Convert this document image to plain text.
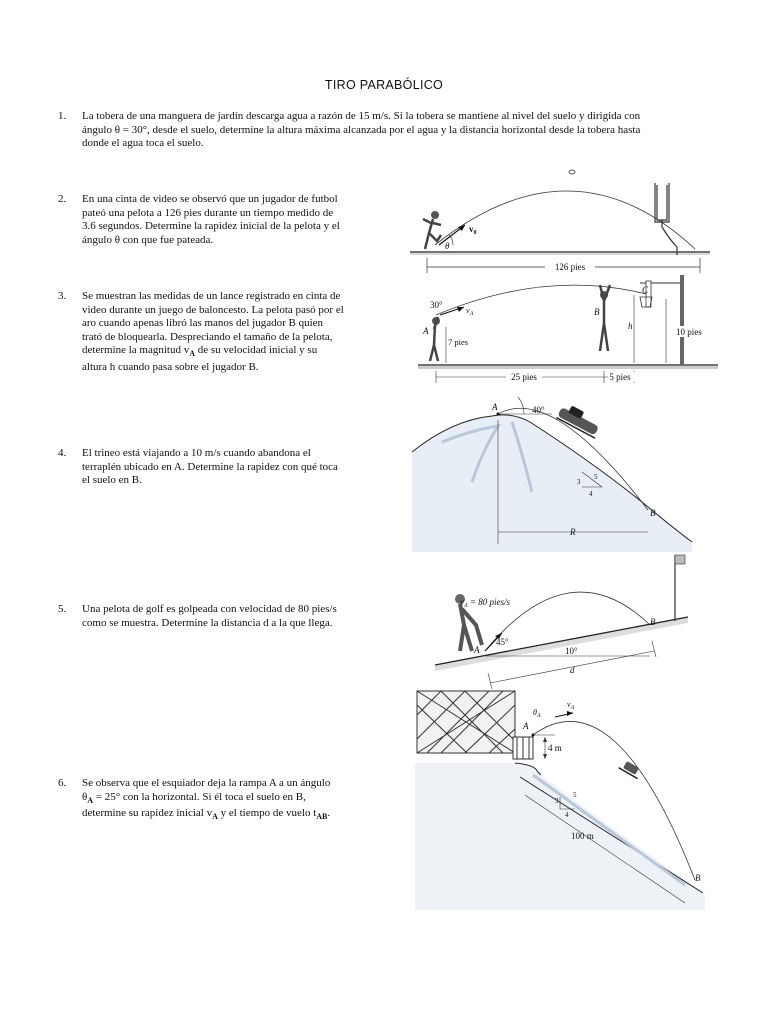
TIRO PARABÓLICO
1. La tobera de una manguera de jardín descarga agua a razón de 15 m/s. Si la tobera se mantiene al nivel del suelo y dirigida con
ángulo θ = 30°, desde el suelo, determine la altura máxima alcanzada por el agua y la distancia horizontal desde la tobera hasta
donde el agua toca el suelo.
2. En una cinta de video se observó que un jugador de futbol
pateó una pelota a 126 pies durante un tiempo medido de
3.6 segundos. Determine la rapidez inicial de la pelota y el
ángulo θ con que fue pateada.
3. Se muestran las medidas de un lance registrado en cinta de
video durante un juego de baloncesto. La pelota pasó por el
aro cuando apenas libró las manos del jugador B quien
trató de bloquearla. Despreciando el tamaño de la pelota,
determine la magnitud $v_A$ de su velocidad inicial y su
altura h cuando pasa sobre el jugador B.
4. El trineo está viajando a 10 m/s cuando abandona el
terraplén ubicado en A. Determine la rapidez con qué toca
el suelo en B.
5. Una pelota de golf es golpeada con velocidad de 80 pies/s
como se muestra. Determine la distancia d a la que llega.
6. Se observa que el esquiador deja la rampa A a un ángulo
$\theta_A = 25^\circ$ con la horizontal. Si él toca el suelo en B,
determine su rapidez inicial $v_A$ y el tiempo de vuelo $t_{AB}$.
$v_0$
θ
126 pies
A
$v_A$
30°
7 pies
B
h
C
10 pies
25 pies	5 pies
A	40°
B
R
3
4
5
$v_A = 80$ pies/s
45°
A
B
10°
d
A
$v_A$
$\theta_A$
4 m
3
4
5
100 m
B
